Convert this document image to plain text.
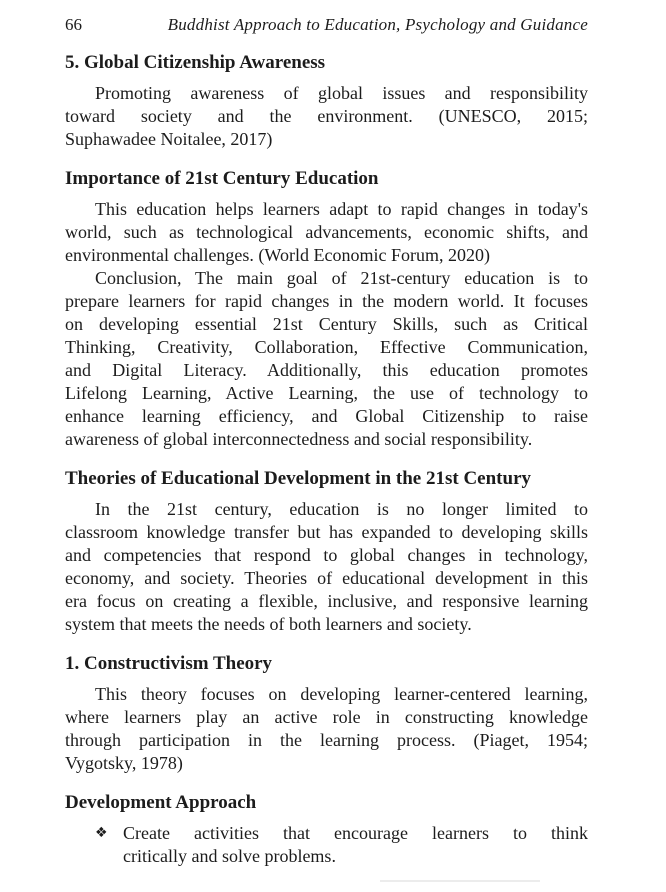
66	Buddhist Approach to Education, Psychology and Guidance
5. Global Citizenship Awareness
Promoting awareness of global issues and responsibility
toward society and the environment. (UNESCO, 2015;
Suphawadee Noitalee, 2017)
Importance of 21st Century Education
This education helps learners adapt to rapid changes in today's
world, such as technological advancements, economic shifts, and
environmental challenges. (World Economic Forum, 2020)
Conclusion, The main goal of 21st-century education is to
prepare learners for rapid changes in the modern world. It focuses
on developing essential 21st Century Skills, such as Critical
Thinking, Creativity, Collaboration, Effective Communication,
and Digital Literacy. Additionally, this education promotes
Lifelong Learning, Active Learning, the use of technology to
enhance learning efficiency, and Global Citizenship to raise
awareness of global interconnectedness and social responsibility.
Theories of Educational Development in the 21st Century
In the 21st century, education is no longer limited to
classroom knowledge transfer but has expanded to developing skills
and competencies that respond to global changes in technology,
economy, and society. Theories of educational development in this
era focus on creating a flexible, inclusive, and responsive learning
system that meets the needs of both learners and society.
1. Constructivism Theory
This theory focuses on developing learner-centered learning,
where learners play an active role in constructing knowledge
through participation in the learning process. (Piaget, 1954;
Vygotsky, 1978)
Development Approach
❖ Create activities that encourage learners to think
critically and solve problems.
